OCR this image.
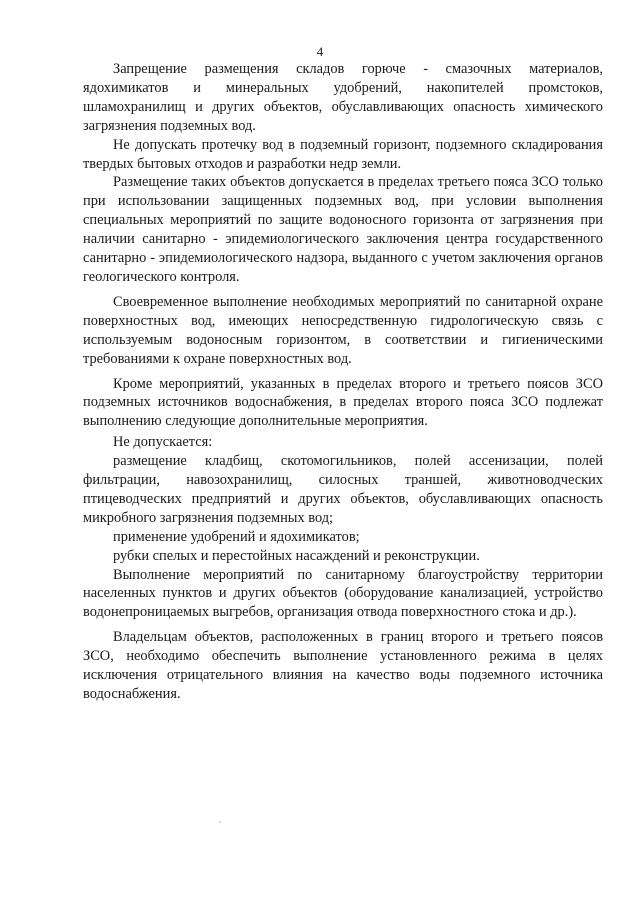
4

Запрещение размещения складов горюче - смазочных материалов, ядохимикатов и минеральных удобрений, накопителей промстоков, шламохранилищ и других объектов, обуславливающих опасность химического загрязнения подземных вод.

Не допускать протечку вод в подземный горизонт, подземного складирования твердых бытовых отходов и разработки недр земли.

Размещение таких объектов допускается в пределах третьего пояса ЗСО только при использовании защищенных подземных вод, при условии выполнения специальных мероприятий по защите водоносного горизонта от загрязнения при наличии санитарно - эпидемиологического заключения центра государственного санитарно - эпидемиологического надзора, выданного с учетом заключения органов геологического контроля.

Своевременное выполнение необходимых мероприятий по санитарной охране поверхностных вод, имеющих непосредственную гидрологическую связь с используемым водоносным горизонтом, в соответствии и гигиеническими требованиями к охране поверхностных вод.

Кроме мероприятий, указанных в пределах второго и третьего поясов ЗСО подземных источников водоснабжения, в пределах второго пояса ЗСО подлежат выполнению следующие дополнительные мероприятия.

Не допускается:

размещение кладбищ, скотомогильников, полей ассенизации, полей фильтрации, навозохранилищ, силосных траншей, животноводческих птицеводческих предприятий и других объектов, обуславливающих опасность микробного загрязнения подземных вод;

применение удобрений и ядохимикатов;

рубки спелых и перестойных насаждений и реконструкции.

Выполнение мероприятий по санитарному благоустройству территории населенных пунктов и других объектов (оборудование канализацией, устройство водонепроницаемых выгребов, организация отвода поверхностного стока и др.).

Владельцам объектов, расположенных в границ второго и третьего поясов ЗСО, необходимо обеспечить выполнение установленного режима в целях исключения отрицательного влияния на качество воды подземного источника водоснабжения.
